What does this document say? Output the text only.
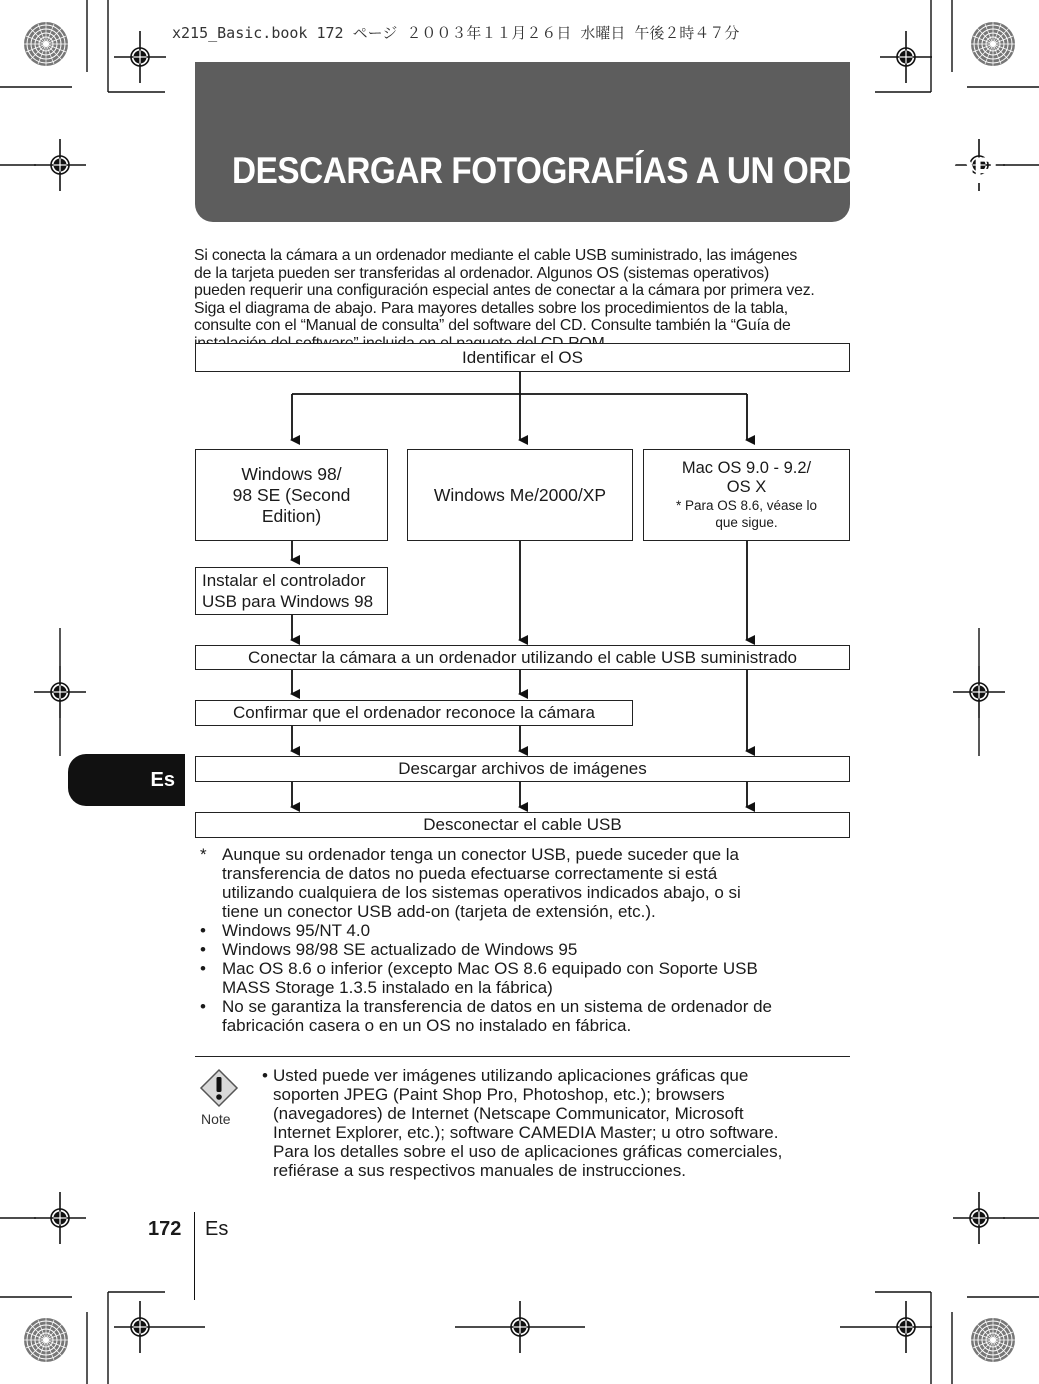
x215_Basic.book 172 ページ ２００３年１１月２６日 水曜日 午後２時４７分
DESCARGAR FOTOGRAFÍAS A UN ORDENADOR

Si conecta la cámara a un ordenador mediante el cable USB suministrado, las imágenes

de la tarjeta pueden ser transferidas al ordenador. Algunos OS (sistemas operativos)

pueden requerir una configuración especial antes de conectar a la cámara por primera vez.

Siga el diagrama de abajo. Para mayores detalles sobre los procedimientos de la tabla,

consulte con el “Manual de consulta” del software del CD. Consulte también la “Guía de

Identificar el OS
Windows 98/
98 SE (Second
Edition)
Windows Me/2000/XP
Mac OS 9.0 - 9.2/
OS X
* Para OS 8.6, véase lo
que sigue.
Instalar el controlador
USB para Windows 98
Conectar la cámara a un ordenador utilizando el cable USB suministrado
Confirmar que el ordenador reconoce la cámara
Descargar archivos de imágenes
Desconectar el cable USB
Es
* Aunque su ordenador tenga un conector USB, puede suceder que la
transferencia de datos no pueda efectuarse correctamente si está
utilizando cualquiera de los sistemas operativos indicados abajo, o si
tiene un conector USB add-on (tarjeta de extensión, etc.).
• Windows 95/NT 4.0
• Windows 98/98 SE actualizado de Windows 95
• Mac OS 8.6 o inferior (excepto Mac OS 8.6 equipado con Soporte USB
MASS Storage 1.3.5 instalado en la fábrica)
• No se garantiza la transferencia de datos en un sistema de ordenador de
fabricación casera o en un OS no instalado en fábrica.
Note
• Usted puede ver imágenes utilizando aplicaciones gráficas que
soporten JPEG (Paint Shop Pro, Photoshop, etc.); browsers
(navegadores) de Internet (Netscape Communicator, Microsoft
Internet Explorer, etc.); software CAMEDIA Master; u otro software.
Para los detalles sobre el uso de aplicaciones gráficas comerciales,
refiérase a sus respectivos manuales de instrucciones.
172 Es
